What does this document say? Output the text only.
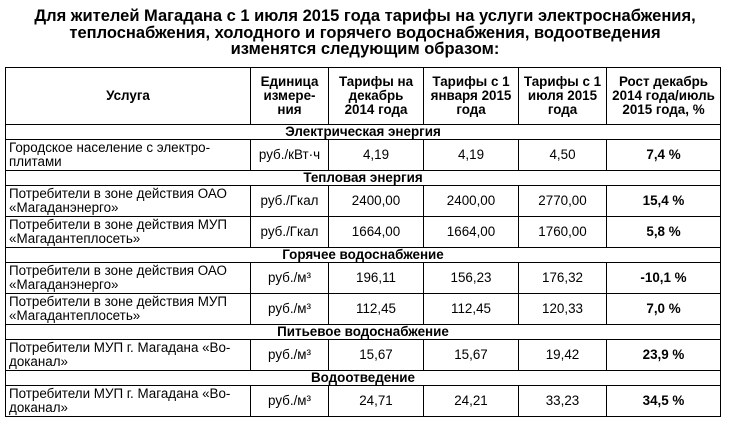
Для жителей Магадана с 1 июля 2015 года тарифы на услуги электроснабжения,
теплоснабжения, холодного и горячего водоснабжения, водоотведения
изменятся следующим образом:
Услуга	Единица измере-ния	Тарифы на декабрь 2014 года	Тарифы с 1 января 2015 года	Тарифы с 1 июля 2015 года	Рост декабрь 2014 года/июль 2015 года, %
Электрическая энергия					
Городское население с электро-плитами	руб./кВт·ч	4,19	4,19	4,50	7,4 %
Тепловая энергия					
Потребители в зоне действия ОАО «Магаданэнерго»	руб./Гкал	2400,00	2400,00	2770,00	15,4 %
Потребители в зоне действия МУП «Магадантеплосеть»	руб./Гкал	1664,00	1664,00	1760,00	5,8 %
Горячее водоснабжение					
Потребители в зоне действия ОАО «Магаданэнерго»	руб./м³	196,11	156,23	176,32	-10,1 %
Потребители в зоне действия МУП «Магадантеплосеть»	руб./м³	112,45	112,45	120,33	7,0 %
Питьевое водоснабжение					
Потребители МУП г. Магадана «Во-доканал»	руб./м³	15,67	15,67	19,42	23,9 %
Водоотведение					
Потребители МУП г. Магадана «Во-доканал»	руб./м³	24,71	24,21	33,23	34,5 %
